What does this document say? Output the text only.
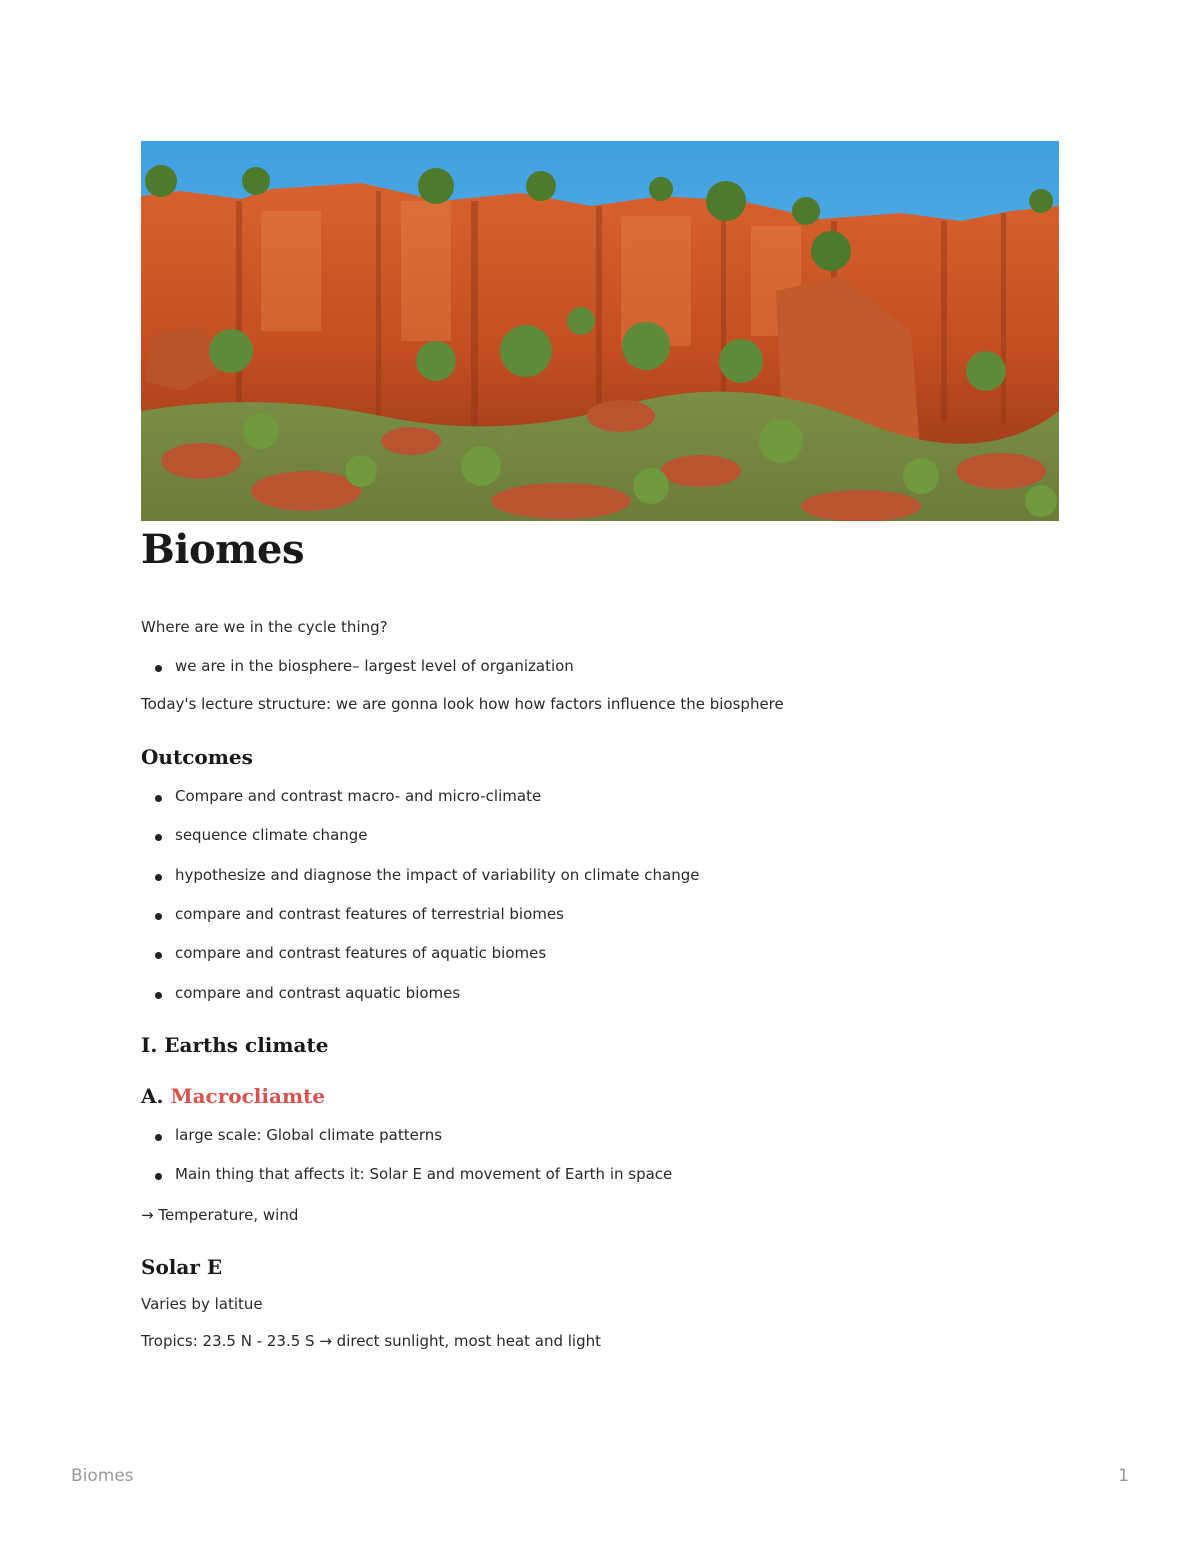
Biomes

Where are we in the cycle thing?

we are in the biosphere– largest level of organization

Today's lecture structure: we are gonna look how how factors influence the biosphere

Outcomes

Compare and contrast macro- and micro-climate

sequence climate change

hypothesize and diagnose the impact of variability on climate change

compare and contrast features of terrestrial biomes

compare and contrast features of aquatic biomes

compare and contrast aquatic biomes

I. Earths climate
A. Macrocliamte

large scale: Global climate patterns

Main thing that affects it: Solar E and movement of Earth in space

→ Temperature, wind

Solar E

Varies by latitue

Tropics: 23.5 N - 23.5 S → direct sunlight, most heat and light

Biomes	1
